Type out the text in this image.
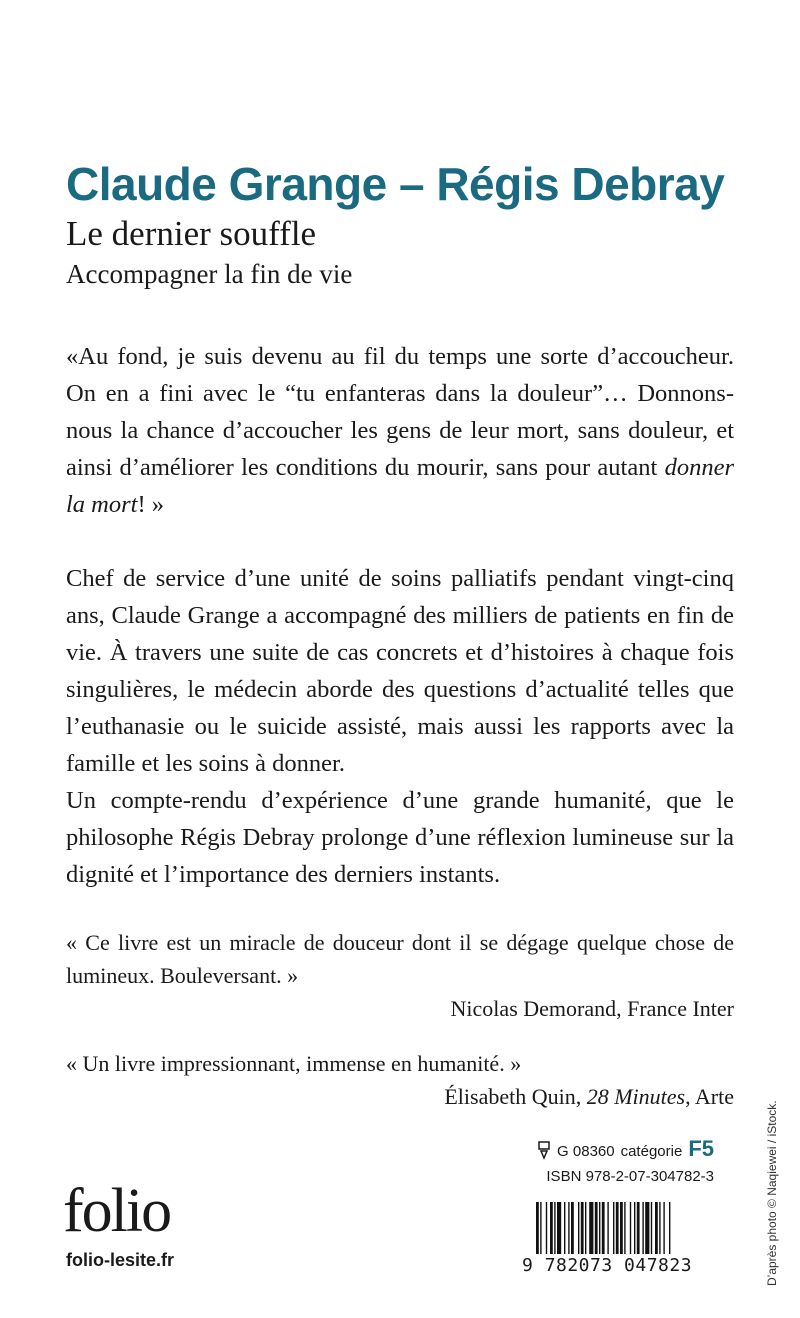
Claude Grange – Régis Debray
Le dernier souffle
Accompagner la fin de vie

«Au fond, je suis devenu au fil du temps une sorte d’accoucheur. On en a fini avec le “tu enfanteras dans la douleur”… Donnons-nous la chance d’accoucher les gens de leur mort, sans douleur, et ainsi d’améliorer les conditions du mourir, sans pour autant donner la mort! »

Chef de service d’une unité de soins palliatifs pendant vingt-cinq ans, Claude Grange a accompagné des milliers de patients en fin de vie. À travers une suite de cas concrets et d’histoires à chaque fois singulières, le médecin aborde des questions d’actualité telles que l’euthanasie ou le suicide assisté, mais aussi les rapports avec la famille et les soins à donner.

Un compte-rendu d’expérience d’une grande humanité, que le philosophe Régis Debray prolonge d’une réflexion lumineuse sur la dignité et l’importance des derniers instants.

« Ce livre est un miracle de douceur dont il se dégage quelque chose de lumineux. Bouleversant. »

Nicolas Demorand, France Inter

« Un livre impressionnant, immense en humanité. »

Élisabeth Quin, 28 Minutes, Arte

G 08360 catégorie F5
ISBN 978-2-07-304782-3
folio
folio-lesite.fr	9 782073 047823	D’après photo © Naqiewei / iStock.
